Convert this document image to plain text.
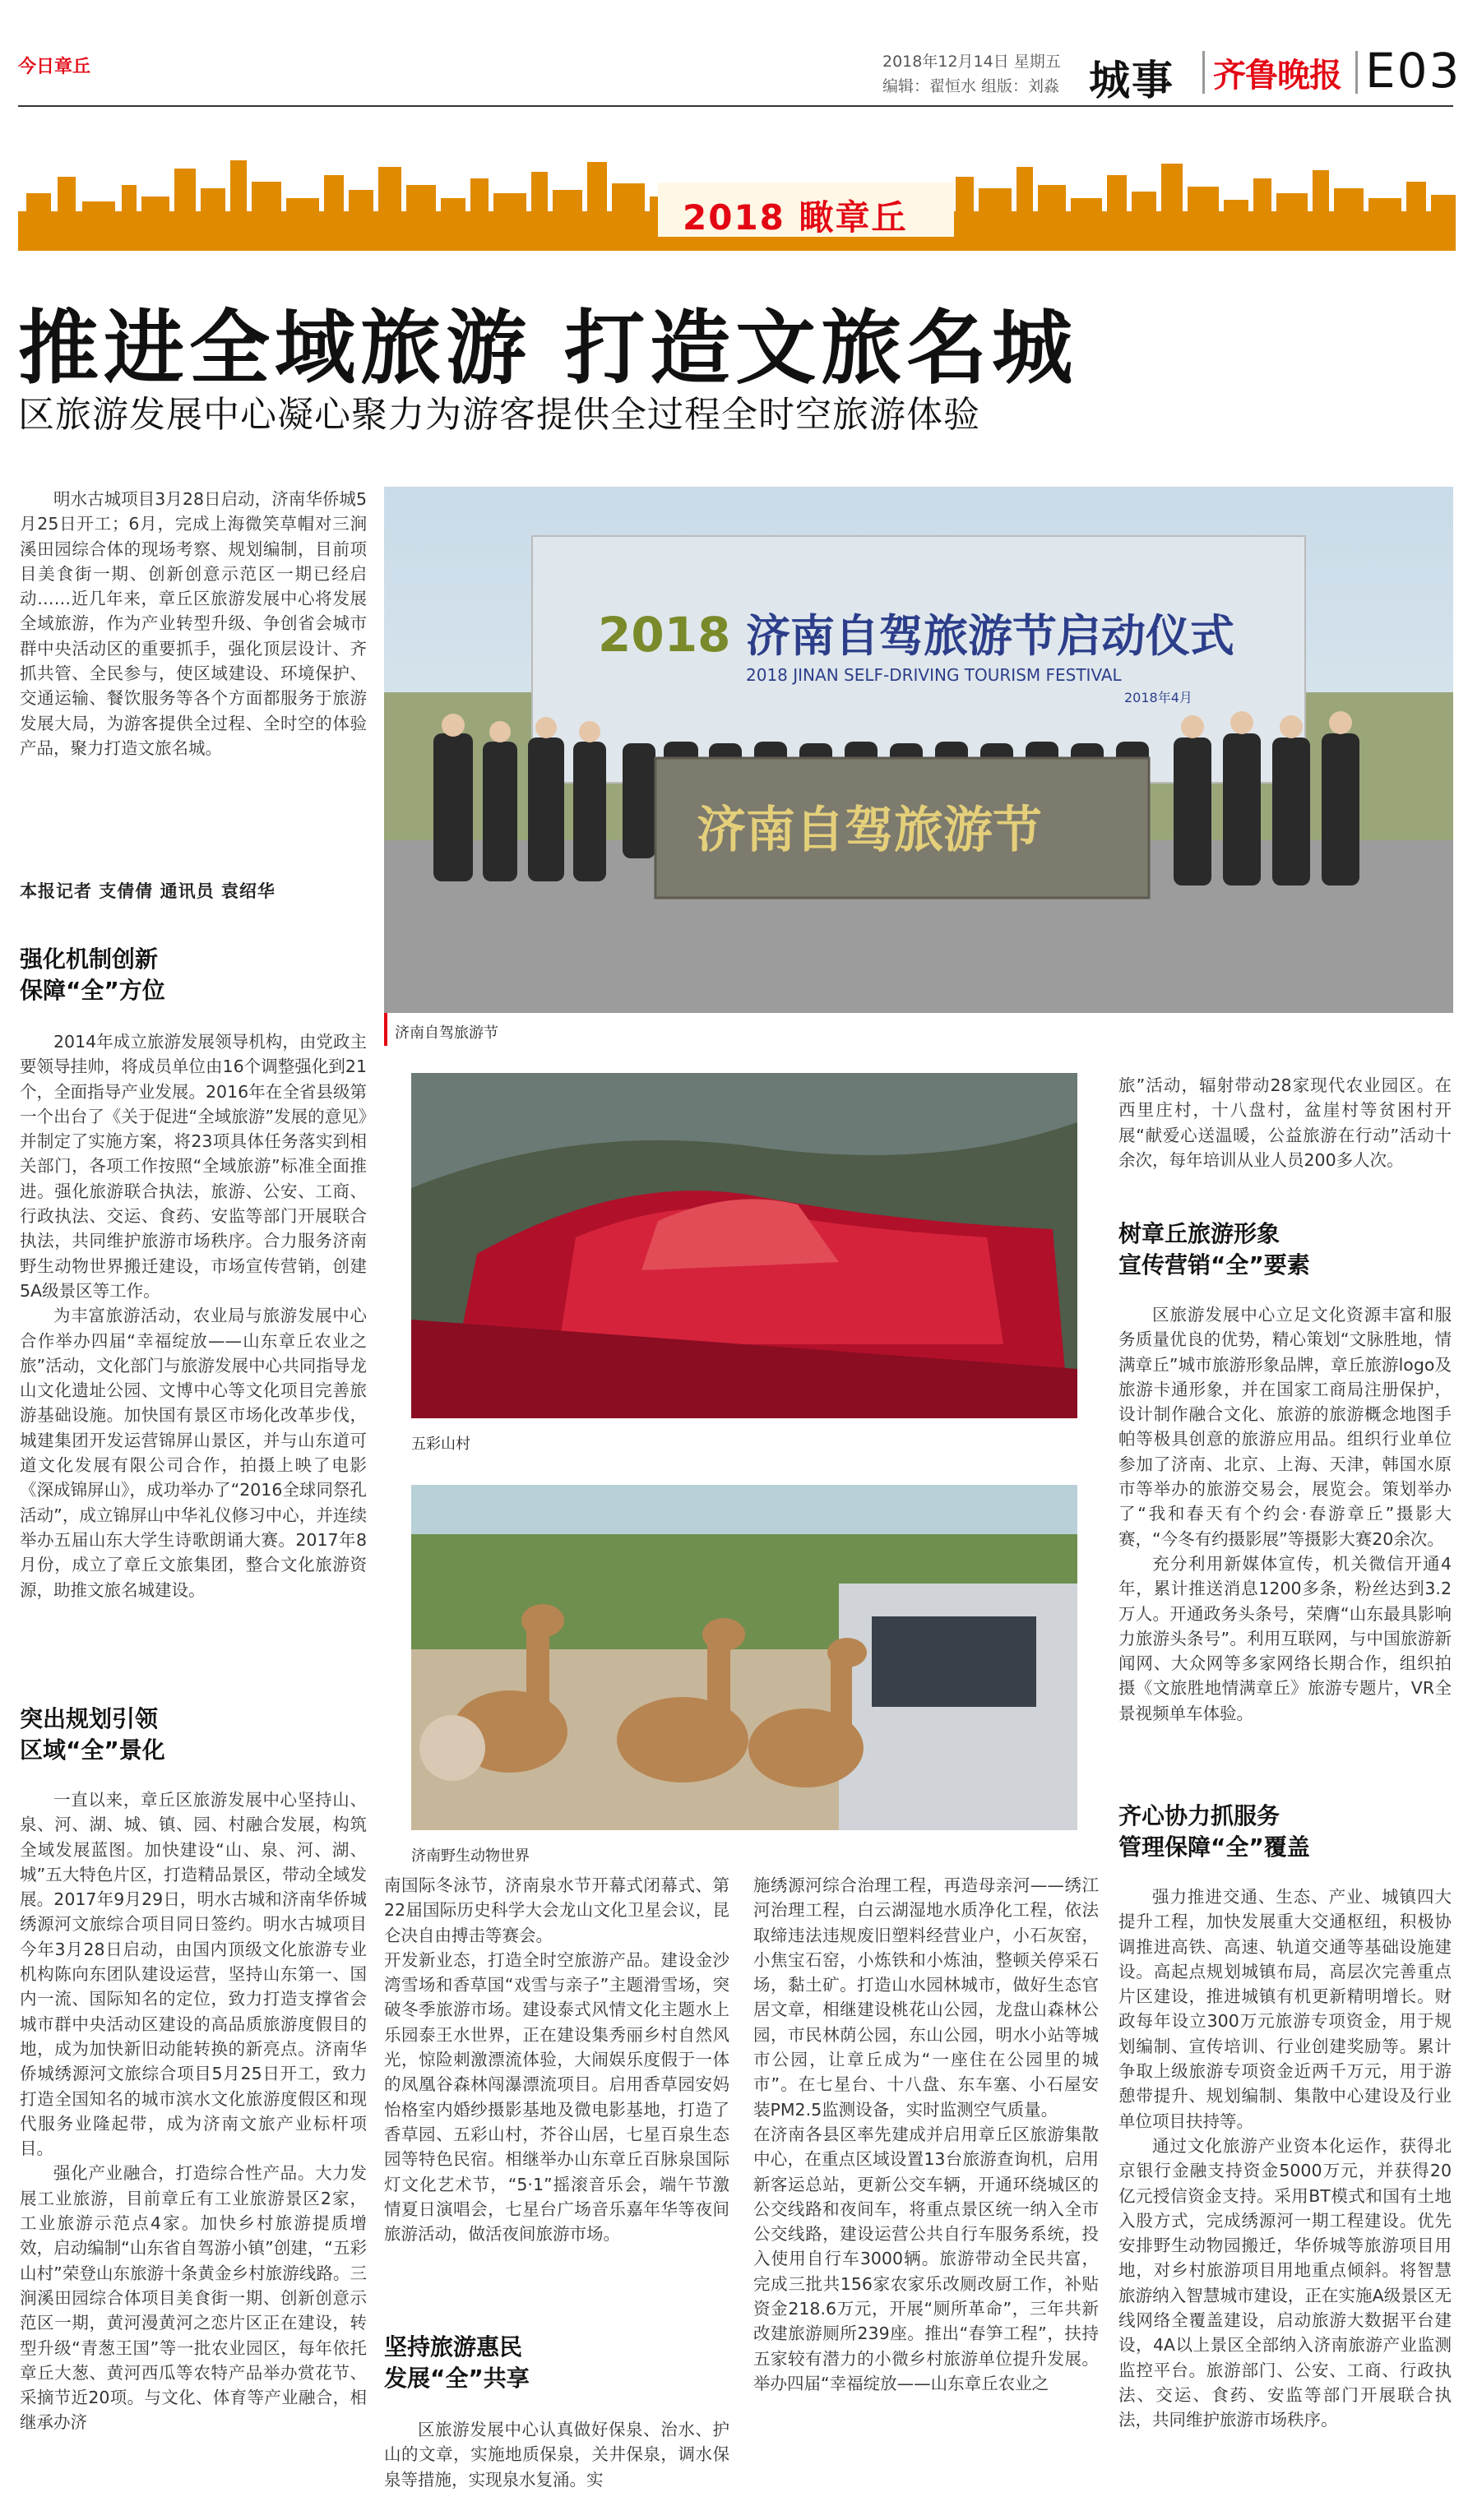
今日章丘	2018年12月14日 星期五
编辑：翟恒水 组版：刘淼 城事 齐鲁晚报 E03
2018 瞰章丘
推进全域旅游 打造文旅名城
区旅游发展中心凝心聚力为游客提供全过程全时空旅游体验

明水古城项目3月28日启动，济南华侨城5月25日开工；6月，完成上海微笑草帽对三涧溪田园综合体的现场考察、规划编制，目前项目美食街一期、创新创意示范区一期已经启动……近几年来，章丘区旅游发展中心将发展全域旅游，作为产业转型升级、争创省会城市群中央活动区的重要抓手，强化顶层设计、齐抓共管、全民参与，使区域建设、环境保护、交通运输、餐饮服务等各个方面都服务于旅游发展大局，为游客提供全过程、全时空的体验产品，聚力打造文旅名城。

本报记者 支倩倩 通讯员 袁绍华
强化机制创新
保障“全”方位

2014年成立旅游发展领导机构，由党政主要领导挂帅，将成员单位由16个调整强化到21个，全面指导产业发展。2016年在全省县级第一个出台了《关于促进“全域旅游”发展的意见》并制定了实施方案，将23项具体任务落实到相关部门，各项工作按照“全域旅游”标准全面推进。强化旅游联合执法，旅游、公安、工商、行政执法、交运、食药、安监等部门开展联合执法，共同维护旅游市场秩序。合力服务济南野生动物世界搬迁建设，市场宣传营销，创建5A级景区等工作。

为丰富旅游活动，农业局与旅游发展中心合作举办四届“幸福绽放——山东章丘农业之旅”活动，文化部门与旅游发展中心共同指导龙山文化遗址公园、文博中心等文化项目完善旅游基础设施。加快国有景区市场化改革步伐，城建集团开发运营锦屏山景区，并与山东道可道文化发展有限公司合作，拍摄上映了电影《深成锦屏山》，成功举办了“2016全球同祭孔活动”，成立锦屏山中华礼仪修习中心，并连续举办五届山东大学生诗歌朗诵大赛。2017年8月份，成立了章丘文旅集团，整合文化旅游资源，助推文旅名城建设。

突出规划引领
区域“全”景化

一直以来，章丘区旅游发展中心坚持山、泉、河、湖、城、镇、园、村融合发展，构筑全域发展蓝图。加快建设“山、泉、河、湖、城”五大特色片区，打造精品景区，带动全域发展。2017年9月29日，明水古城和济南华侨城绣源河文旅综合项目同日签约。明水古城项目今年3月28日启动，由国内顶级文化旅游专业机构陈向东团队建设运营，坚持山东第一、国内一流、国际知名的定位，致力打造支撑省会城市群中央活动区建设的高品质旅游度假目的地，成为加快新旧动能转换的新亮点。济南华侨城绣源河文旅综合项目5月25日开工，致力打造全国知名的城市滨水文化旅游度假区和现代服务业隆起带，成为济南文旅产业标杆项目。

强化产业融合，打造综合性产品。大力发展工业旅游，目前章丘有工业旅游景区2家，工业旅游示范点4家。加快乡村旅游提质增效，启动编制“山东省自驾游小镇”创建，“五彩山村”荣登山东旅游十条黄金乡村旅游线路。三涧溪田园综合体项目美食街一期、创新创意示范区一期，黄河漫黄河之恋片区正在建设，转型升级“青葱王国”等一批农业园区，每年依托章丘大葱、黄河西瓜等农特产品举办赏花节、采摘节近20项。与文化、体育等产业融合，相继承办济

2018 济南自驾旅游节启动仪式
2018 JINAN SELF-DRIVING TOURISM FESTIVAL
2018年4月
济南自驾旅游节
济南自驾旅游节
五彩山村
济南野生动物世界
南国际冬泳节，济南泉水节开幕式闭幕式、第22届国际历史科学大会龙山文化卫星会议，昆仑决自由搏击等赛会。
开发新业态，打造全时空旅游产品。建设金沙湾雪场和香草国“戏雪与亲子”主题滑雪场，突破冬季旅游市场。建设泰式风情文化主题水上乐园泰王水世界，正在建设集秀丽乡村自然风光，惊险刺激漂流体验，大闹娱乐度假于一体的凤凰谷森林闯瀑漂流项目。启用香草园安妈怡格室内婚纱摄影基地及微电影基地，打造了香草园、五彩山村，芥谷山居，七星百泉生态园等特色民宿。相继举办山东章丘百脉泉国际灯文化艺术节，“5·1”摇滚音乐会，端午节激情夏日演唱会，七星台广场音乐嘉年华等夜间旅游活动，做活夜间旅游市场。
坚持旅游惠民
发展“全”共享

区旅游发展中心认真做好保泉、治水、护山的文章，实施地质保泉，关井保泉，调水保泉等措施，实现泉水复涌。实

施绣源河综合治理工程，再造母亲河——绣江河治理工程，白云湖湿地水质净化工程，依法取缔违法违规废旧塑料经营业户，小石灰窑，小焦宝石窑，小炼铁和小炼油，整顿关停采石场，黏土矿。打造山水园林城市，做好生态官居文章，相继建设桃花山公园，龙盘山森林公园，市民林荫公园，东山公园，明水小站等城市公园，让章丘成为“一座住在公园里的城市”。在七星台、十八盘、东车塞、小石屋安装PM2.5监测设备，实时监测空气质量。
在济南各县区率先建成并启用章丘区旅游集散中心，在重点区域设置13台旅游查询机，启用新客运总站，更新公交车辆，开通环绕城区的公交线路和夜间车，将重点景区统一纳入全市公交线路，建设运营公共自行车服务系统，投入使用自行车3000辆。旅游带动全民共富，完成三批共156家农家乐改厕改厨工作，补贴资金218.6万元，开展“厕所革命”，三年共新改建旅游厕所239座。推出“春笋工程”，扶持五家较有潜力的小微乡村旅游单位提升发展。举办四届“幸福绽放——山东章丘农业之

旅”活动，辐射带动28家现代农业园区。在西里庄村，十八盘村，盆崖村等贫困村开展“献爱心送温暖，公益旅游在行动”活动十余次，每年培训从业人员200多人次。

树章丘旅游形象
宣传营销“全”要素

区旅游发展中心立足文化资源丰富和服务质量优良的优势，精心策划“文脉胜地，情满章丘”城市旅游形象品牌，章丘旅游logo及旅游卡通形象，并在国家工商局注册保护，设计制作融合文化、旅游的旅游概念地图手帕等极具创意的旅游应用品。组织行业单位参加了济南、北京、上海、天津，韩国水原市等举办的旅游交易会，展览会。策划举办了“我和春天有个约会·春游章丘”摄影大赛，“今冬有约摄影展”等摄影大赛20余次。

充分利用新媒体宣传，机关微信开通4年，累计推送消息1200多条，粉丝达到3.2万人。开通政务头条号，荣膺“山东最具影响力旅游头条号”。利用互联网，与中国旅游新闻网、大众网等多家网络长期合作，组织拍摄《文旅胜地情满章丘》旅游专题片，VR全景视频单车体验。

齐心协力抓服务
管理保障“全”覆盖

强力推进交通、生态、产业、城镇四大提升工程，加快发展重大交通枢纽，积极协调推进高铁、高速、轨道交通等基础设施建设。高起点规划城镇布局，高层次完善重点片区建设，推进城镇有机更新精明增长。财政每年设立300万元旅游专项资金，用于规划编制、宣传培训、行业创建奖励等。累计争取上级旅游专项资金近两千万元，用于游憩带提升、规划编制、集散中心建设及行业单位项目扶持等。

通过文化旅游产业资本化运作，获得北京银行金融支持资金5000万元，并获得20亿元授信资金支持。采用BT模式和国有土地入股方式，完成绣源河一期工程建设。优先安排野生动物园搬迁，华侨城等旅游项目用地，对乡村旅游项目用地重点倾斜。将智慧旅游纳入智慧城市建设，正在实施A级景区无线网络全覆盖建设，启动旅游大数据平台建设，4A以上景区全部纳入济南旅游产业监测监控平台。旅游部门、公安、工商、行政执法、交运、食药、安监等部门开展联合执法，共同维护旅游市场秩序。
